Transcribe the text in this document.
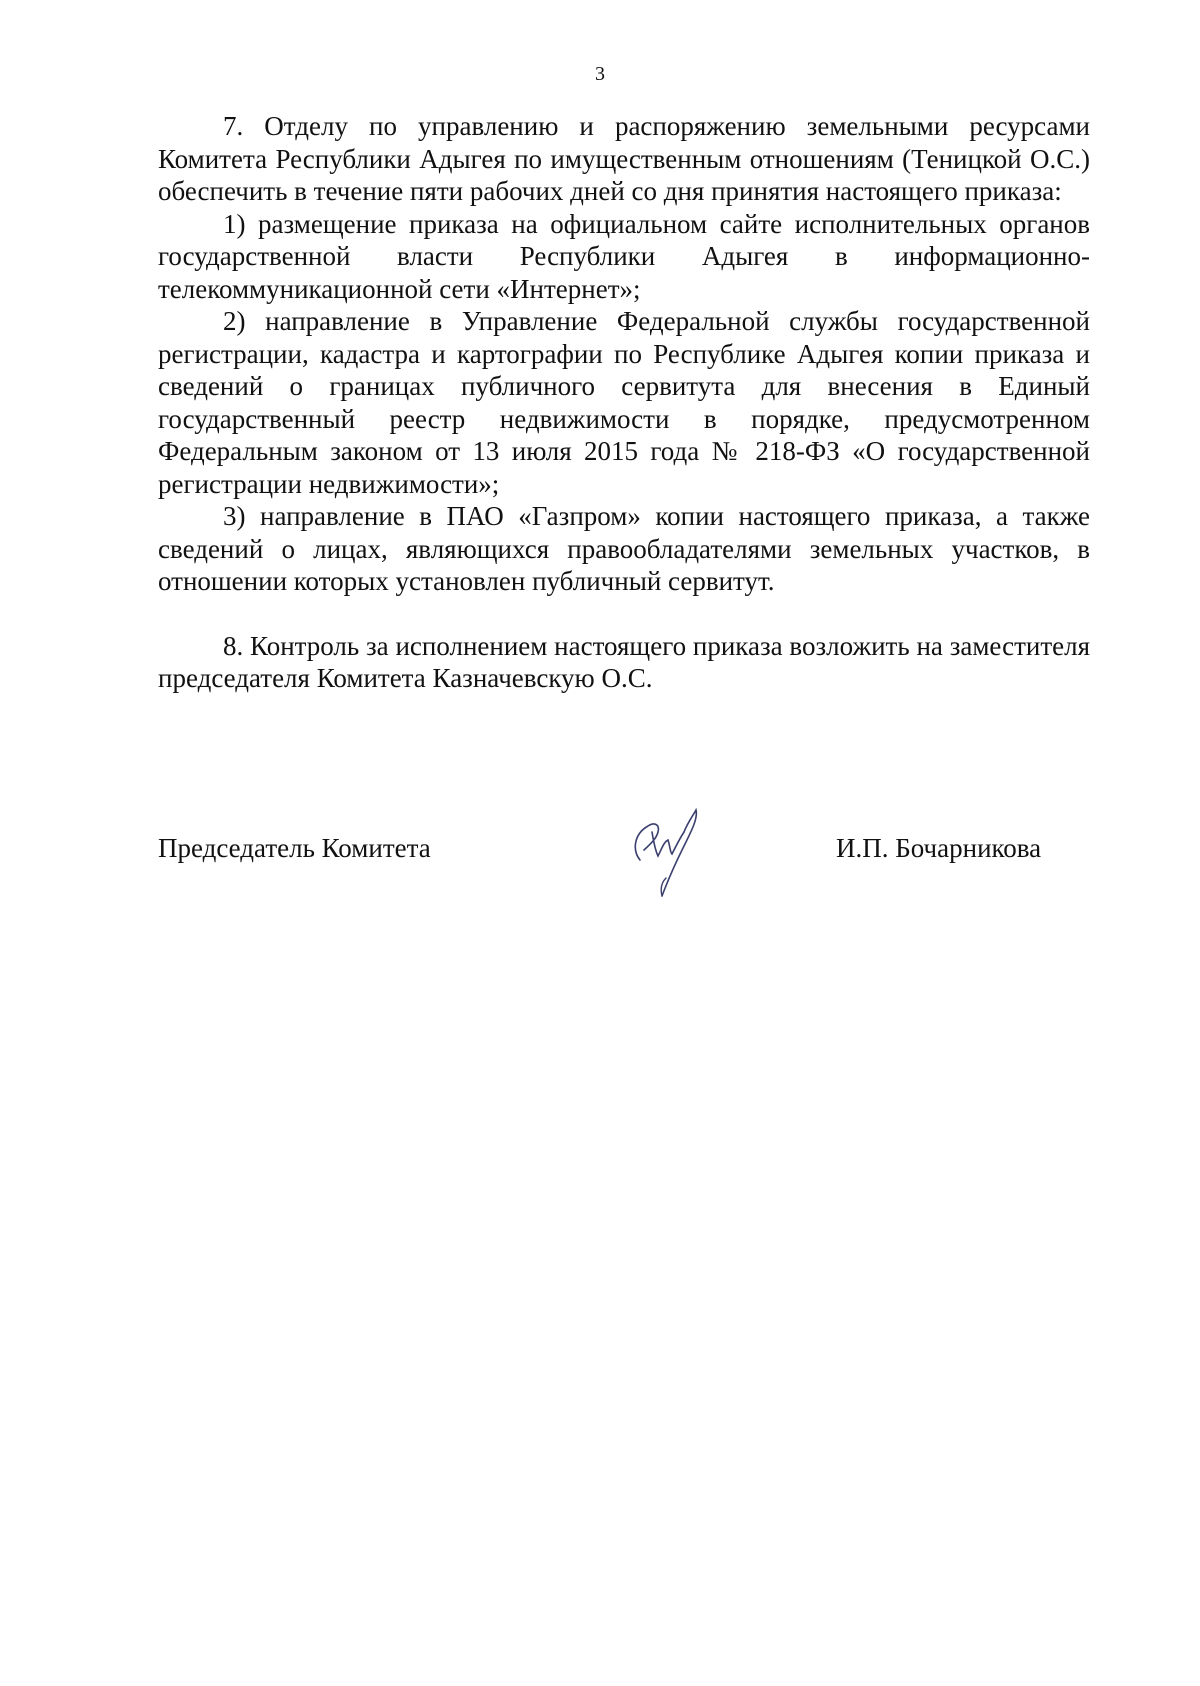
3

7. Отделу по управлению и распоряжению земельными ресурсами Комитета Республики Адыгея по имущественным отношениям (Теницкой О.С.) обеспечить в течение пяти рабочих дней со дня принятия настоящего приказа:

1) размещение приказа на официальном сайте исполнительных органов государственной власти Республики Адыгея в информационно-телекоммуникационной сети «Интернет»;

2) направление в Управление Федеральной службы государственной регистрации, кадастра и картографии по Республике Адыгея копии приказа и сведений о границах публичного сервитута для внесения в Единый государственный реестр недвижимости в порядке, предусмотренном Федеральным законом от 13 июля 2015 года № 218-ФЗ «О государственной регистрации недвижимости»;

3) направление в ПАО «Газпром» копии настоящего приказа, а также сведений о лицах, являющихся правообладателями земельных участков, в отношении которых установлен публичный сервитут.

8. Контроль за исполнением настоящего приказа возложить на заместителя председателя Комитета Казначевскую О.С.

Председатель Комитета	И.П. Бочарникова
